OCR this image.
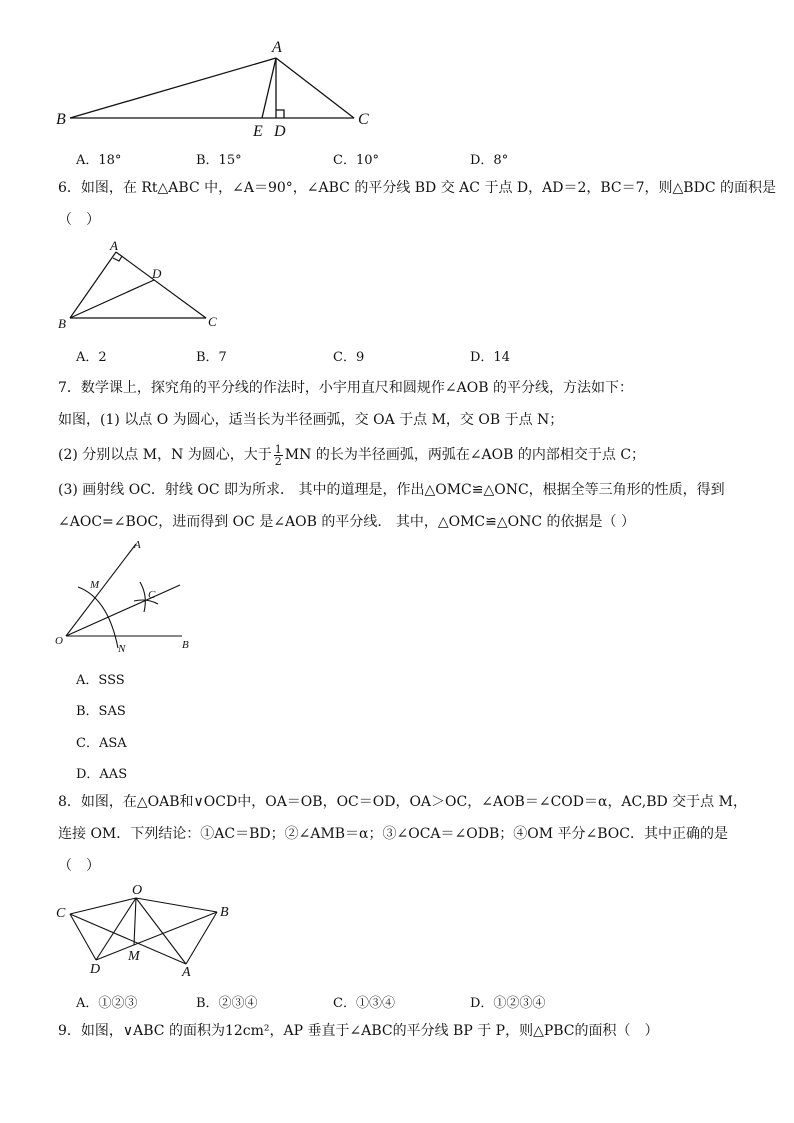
A
B	C
E D
A．18°	B．15°	C．10°	D．8°
6．如图，在 Rt△ABC 中，∠A＝90°，∠ABC 的平分线 BD 交 AC 于点 D，AD＝2，BC＝7，则△BDC 的面积是
（　）
A
D
B	C
A．2	B．7	C．9	D．14
7．数学课上，探究角的平分线的作法时，小宇用直尺和圆规作∠AOB 的平分线，方法如下：
如图，(1) 以点 O 为圆心，适当长为半径画弧，交 OA 于点 M，交 OB 于点 N；
(2) 分别以点 M，N 为圆心，大于 $\frac{1}{2}$ MN 的长为半径画弧，两弧在∠AOB 的内部相交于点 C；
(3) 画射线 OC．射线 OC 即为所求． 其中的道理是，作出△OMC≌△ONC，根据全等三角形的性质，得到
∠AOC=∠BOC，进而得到 OC 是∠AOB 的平分线． 其中，△OMC≌△ONC 的依据是（ ）
A
M
C
O
N	B
A．SSS
B．SAS
C．ASA
D．AAS
8．如图，在△OAB和∨OCD中，OA＝OB，OC＝OD，OA＞OC，∠AOB＝∠COD＝α，AC,BD 交于点 M，
连接 OM．下列结论：①AC＝BD；②∠AMB＝α；③∠OCA＝∠ODB；④OM 平分∠BOC．其中正确的是
（　）
O
C	B
M
D	A
A．①②③	B．②③④	C．①③④	D．①②③④
9．如图，∨ABC 的面积为12cm²，AP 垂直于∠ABC的平分线 BP 于 P，则△PBC的面积（　）
